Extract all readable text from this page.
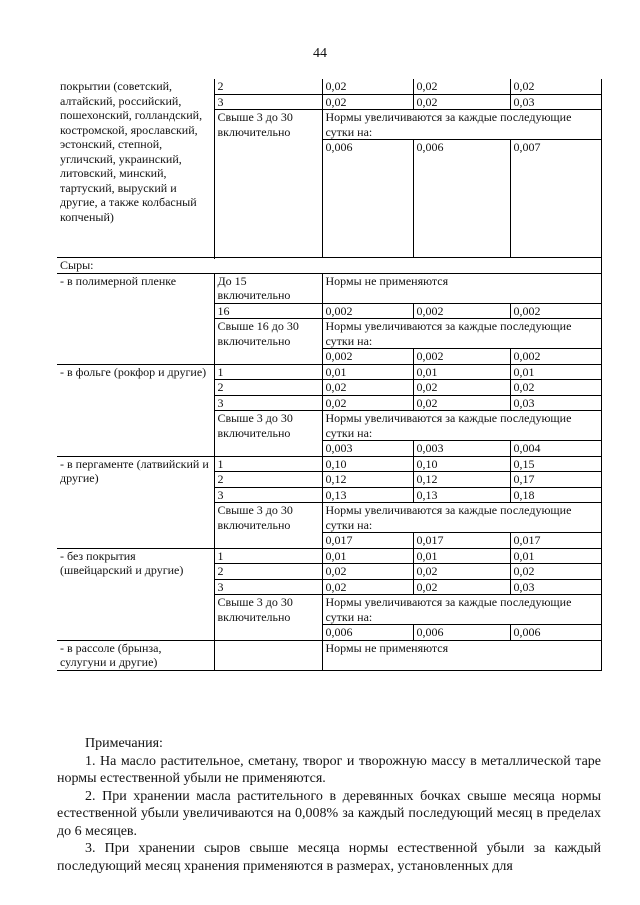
44
покрытии (советский, алтайский, российский, пошехонский, голландский, костромской, ярославский, эстонский, степной, угличский, украинский, литовский, минский, тартуский, выруский и другие, а также колбасный копченый)	2	0,02	0,02	0,02
	3	0,02	0,02	0,03
	Свыше 3 до 30 включительно	Нормы увеличиваются за каждые последующие сутки на:		
		0,006	0,006	0,007

Сыры:				
- в полимерной пленке	До 15 включительно	Нормы не применяются		
	16	0,002	0,002	0,002
	Свыше 16 до 30 включительно	Нормы увеличиваются за каждые последующие сутки на:		
		0,002	0,002	0,002

- в фольге (рокфор и другие)	1	0,01	0,01	0,01
	2	0,02	0,02	0,02
	3	0,02	0,02	0,03
	Свыше 3 до 30 включительно	Нормы увеличиваются за каждые последующие сутки на:		
		0,003	0,003	0,004
- в пергаменте (латвийский и другие)	1	0,10	0,10	0,15
	2	0,12	0,12	0,17
	3	0,13	0,13	0,18
	Свыше 3 до 30 включительно	Нормы увеличиваются за каждые последующие сутки на:		
		0,017	0,017	0,017
- без покрытия (швейцарский и другие)	1	0,01	0,01	0,01
	2	0,02	0,02	0,02
	3	0,02	0,02	0,03
	Свыше 3 до 30 включительно	Нормы увеличиваются за каждые последующие сутки на:		
		0,006	0,006	0,006
- в рассоле (брынза, сулугуни и другие)		Нормы не применяются		

Примечания:

1. На масло растительное, сметану, творог и творожную массу в металлической таре нормы естественной убыли не применяются.

2. При хранении масла растительного в деревянных бочках свыше месяца нормы естественной убыли увеличиваются на 0,008% за каждый последующий месяц в пределах до 6 месяцев.

3. При хранении сыров свыше месяца нормы естественной убыли за каждый последующий месяц хранения применяются в размерах, установленных для
